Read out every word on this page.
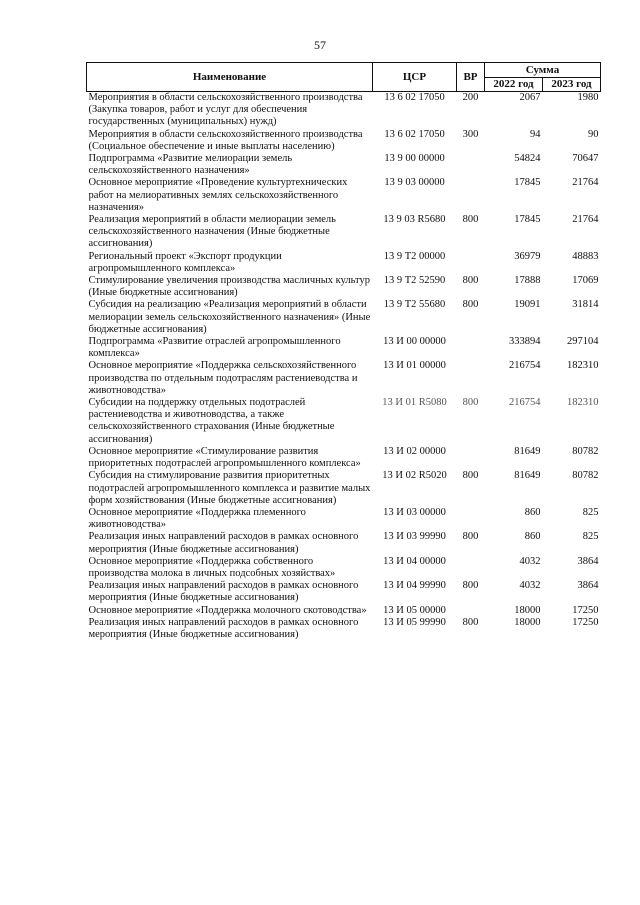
57
Наименование	ЦСР	ВР	Сумма	
			2022 год	2023 год
Мероприятия в области сельскохозяйственного производства (Закупка товаров, работ и услуг для обеспечения государственных (муниципальных) нужд)	13 6 02 17050	200	2067	1980
Мероприятия в области сельскохозяйственного производства (Социальное обеспечение и иные выплаты населению)	13 6 02 17050	300	94	90
Подпрограмма «Развитие мелиорации земель сельскохозяйственного назначения»	13 9 00 00000		54824	70647
Основное мероприятие «Проведение культуртехнических работ на мелиоративных землях сельскохозяйственного назначения»	13 9 03 00000		17845	21764
Реализация мероприятий в области мелиорации земель сельскохозяйственного назначения (Иные бюджетные ассигнования)	13 9 03 R5680	800	17845	21764
Региональный проект «Экспорт продукции агропромышленного комплекса»	13 9 Т2 00000		36979	48883
Стимулирование увеличения производства масличных культур (Иные бюджетные ассигнования)	13 9 Т2 52590	800	17888	17069
Субсидия на реализацию «Реализация мероприятий в области мелиорации земель сельскохозяйственного назначения» (Иные бюджетные ассигнования)	13 9 Т2 55680	800	19091	31814
Подпрограмма «Развитие отраслей агропромышленного комплекса»	13 И 00 00000		333894	297104
Основное мероприятие «Поддержка сельскохозяйственного производства по отдельным подотраслям растениеводства и животноводства»	13 И 01 00000		216754	182310
Субсидии на поддержку отдельных подотраслей растениеводства и животноводства, а также сельскохозяйственного страхования (Иные бюджетные ассигнования)	13 И 01 R5080	800	216754	182310
Основное мероприятие «Стимулирование развития приоритетных подотраслей агропромышленного комплекса»	13 И 02 00000		81649	80782
Субсидия на стимулирование развития приоритетных подотраслей агропромышленного комплекса и развитие малых форм хозяйствования (Иные бюджетные ассигнования)	13 И 02 R5020	800	81649	80782
Основное мероприятие «Поддержка племенного животноводства»	13 И 03 00000		860	825
Реализация иных направлений расходов в рамках основного мероприятия (Иные бюджетные ассигнования)	13 И 03 99990	800	860	825
Основное мероприятие «Поддержка собственного производства молока в личных подсобных хозяйствах»	13 И 04 00000		4032	3864
Реализация иных направлений расходов в рамках основного мероприятия (Иные бюджетные ассигнования)	13 И 04 99990	800	4032	3864
Основное мероприятие «Поддержка молочного скотоводства»	13 И 05 00000		18000	17250
Реализация иных направлений расходов в рамках основного мероприятия (Иные бюджетные ассигнования)	13 И 05 99990	800	18000	17250
